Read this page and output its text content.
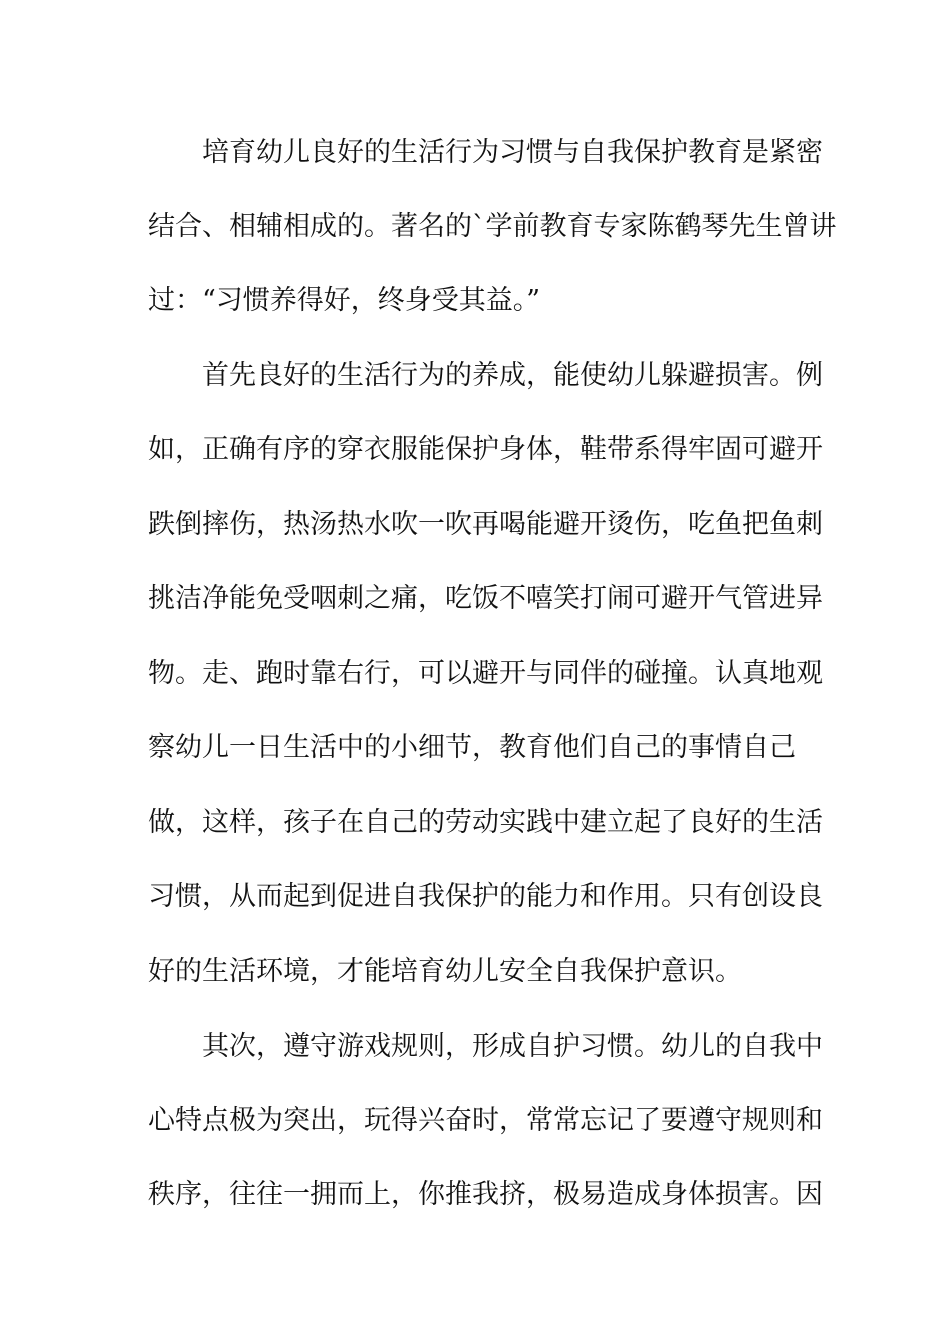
　　培育幼儿良好的生活行为习惯与自我保护教育是紧密

结合、相辅相成的。著名的`学前教育专家陈鹤琴先生曾讲

过：“习惯养得好，终身受其益。”

　　首先良好的生活行为的养成，能使幼儿躲避损害。例

如，正确有序的穿衣服能保护身体，鞋带系得牢固可避开

跌倒摔伤，热汤热水吹一吹再喝能避开烫伤，吃鱼把鱼刺

挑洁净能免受咽刺之痛，吃饭不嘻笑打闹可避开气管进异

物。走、跑时靠右行，可以避开与同伴的碰撞。认真地观

察幼儿一日生活中的小细节，教育他们自己的事情自己

做，这样，孩子在自己的劳动实践中建立起了良好的生活

习惯，从而起到促进自我保护的能力和作用。只有创设良

好的生活环境，才能培育幼儿安全自我保护意识。

　　其次，遵守游戏规则，形成自护习惯。幼儿的自我中

心特点极为突出，玩得兴奋时，常常忘记了要遵守规则和

秩序，往往一拥而上，你推我挤，极易造成身体损害。因
